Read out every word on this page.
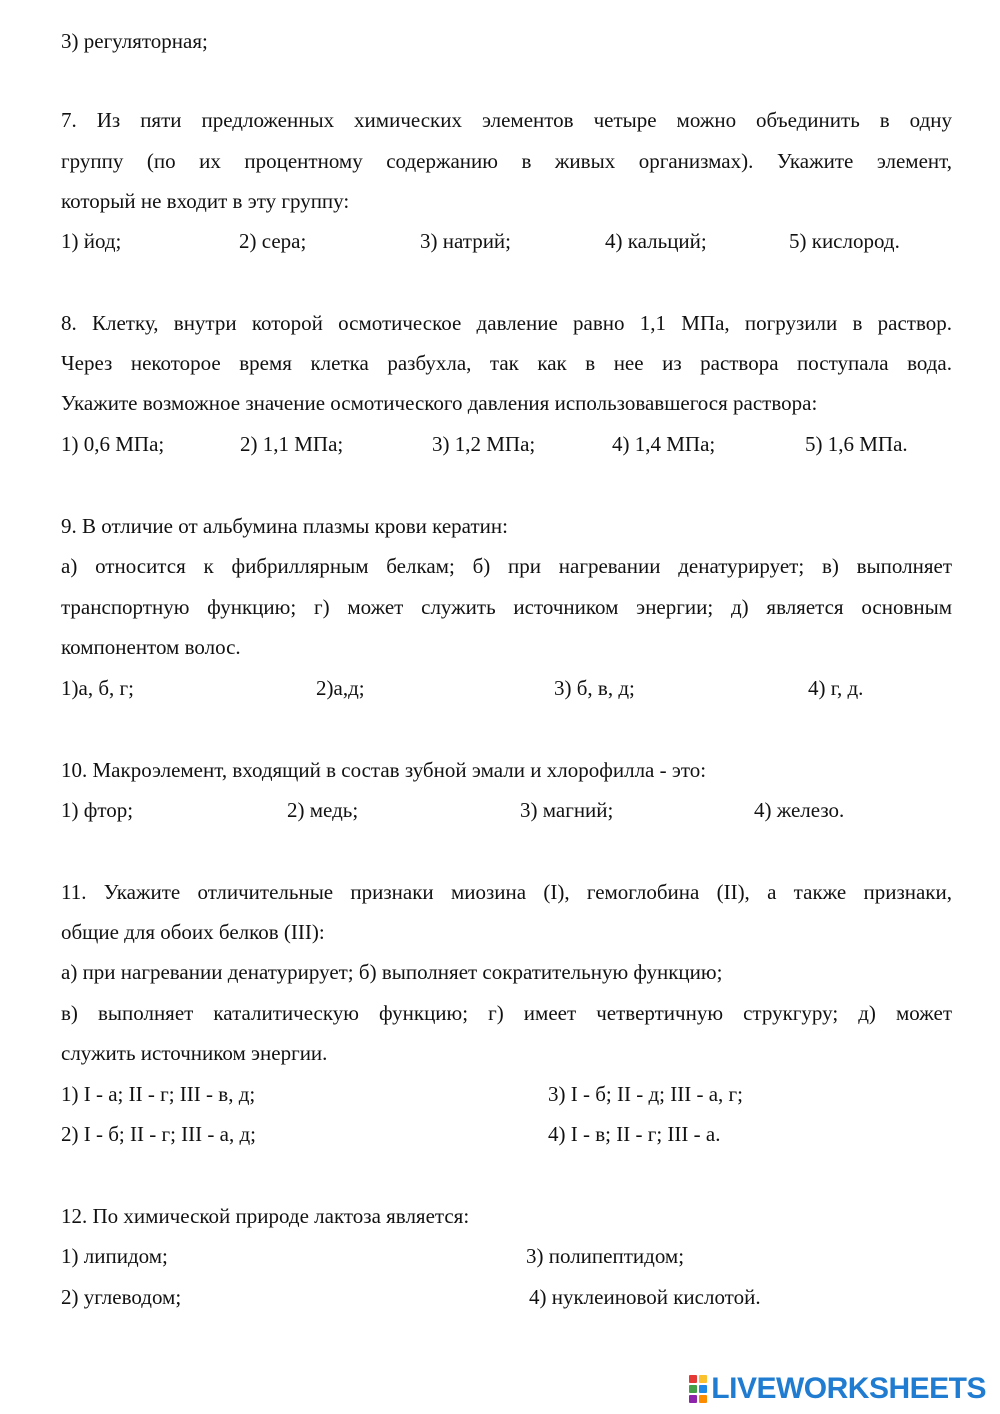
3) регуляторная;
7. Из пяти предложенных химических элементов четыре можно объединить в одну
группу (по их процентному содержанию в живых организмах). Укажите элемент,
который не входит в эту группу:
1) йод;	2) сера;	3) натрий;	4) кальций;	5) кислород.
8. Клетку, внутри которой осмотическое давление равно 1,1 МПа, погрузили в раствор.
Через некоторое время клетка разбухла, так как в нее из раствора поступала вода.
Укажите возможное значение осмотического давления использовавшегося раствора:
1) 0,6 МПа;	2) 1,1 МПа;	3) 1,2 МПа;	4) 1,4 МПа;	5) 1,6 МПа.
9. В отличие от альбумина плазмы крови кератин:
а) относится к фибриллярным белкам; б) при нагревании денатурирует; в) выполняет
транспортную функцию; г) может служить источником энергии; д) является основным
компонентом волос.
1)а, б, г;	2)а,д;	3) б, в, д;	4) г, д.
10. Макроэлемент, входящий в состав зубной эмали и хлорофилла - это:
1) фтор;	2) медь;	3) магний;	4) железо.
11. Укажите отличительные признаки миозина (I), гемоглобина (II), а также признаки,
общие для обоих белков (III):
а) при нагревании денатурирует; б) выполняет сократительную функцию;
в) выполняет каталитическую функцию; г) имеет четвертичную струкгуру; д) может
служить источником энергии.
1) I - а; II - г; III - в, д;	3) I - б; II - д; III - а, г;
2) I - б; II - г; III - а, д;	4) I - в; II - г; III - а.
12. По химической природе лактоза является:
1) липидом;	3) полипептидом;
2) углеводом;	4) нуклеиновой кислотой.
LIVEWORKSHEETS
